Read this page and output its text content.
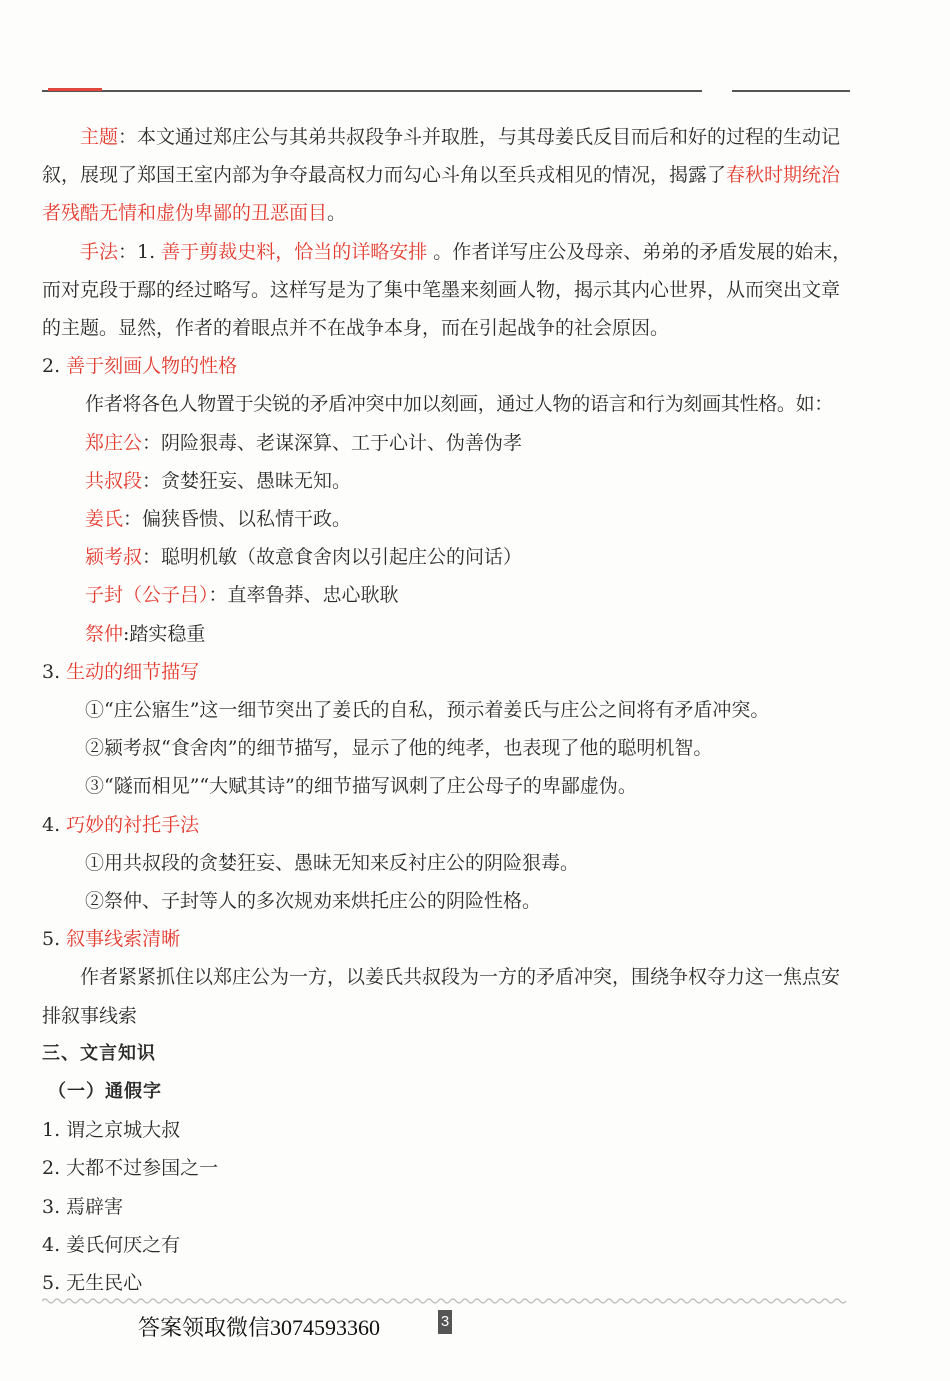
主题：本文通过郑庄公与其弟共叔段争斗并取胜，与其母姜氏反目而后和好的过程的生动记叙，展现了郑国王室内部为争夺最高权力而勾心斗角以至兵戎相见的情况，揭露了春秋时期统治者残酷无情和虚伪卑鄙的丑恶面目。

手法：1. 善于剪裁史料，恰当的详略安排 。作者详写庄公及母亲、弟弟的矛盾发展的始末，而对克段于鄢的经过略写。这样写是为了集中笔墨来刻画人物，揭示其内心世界，从而突出文章的主题。显然，作者的着眼点并不在战争本身，而在引起战争的社会原因。

2. 善于刻画人物的性格

作者将各色人物置于尖锐的矛盾冲突中加以刻画，通过人物的语言和行为刻画其性格。如：

郑庄公：阴险狠毒、老谋深算、工于心计、伪善伪孝

共叔段：贪婪狂妄、愚昧无知。

姜氏：偏狭昏愦、以私情干政。

颍考叔：聪明机敏（故意食舍肉以引起庄公的问话）

子封（公子吕）：直率鲁莽、忠心耿耿

祭仲:踏实稳重

3. 生动的细节描写

①“庄公寤生”这一细节突出了姜氏的自私，预示着姜氏与庄公之间将有矛盾冲突。

②颍考叔“食舍肉”的细节描写，显示了他的纯孝，也表现了他的聪明机智。

③“隧而相见”“大赋其诗”的细节描写讽刺了庄公母子的卑鄙虚伪。

4. 巧妙的衬托手法

①用共叔段的贪婪狂妄、愚昧无知来反衬庄公的阴险狠毒。

②祭仲、子封等人的多次规劝来烘托庄公的阴险性格。

5. 叙事线索清晰

作者紧紧抓住以郑庄公为一方，以姜氏共叔段为一方的矛盾冲突，围绕争权夺力这一焦点安排叙事线索

三、文言知识

（一）通假字

1. 谓之京城大叔

2. 大都不过参国之一

3. 焉辟害

4. 姜氏何厌之有

5. 无生民心

答案领取微信3074593360	3
